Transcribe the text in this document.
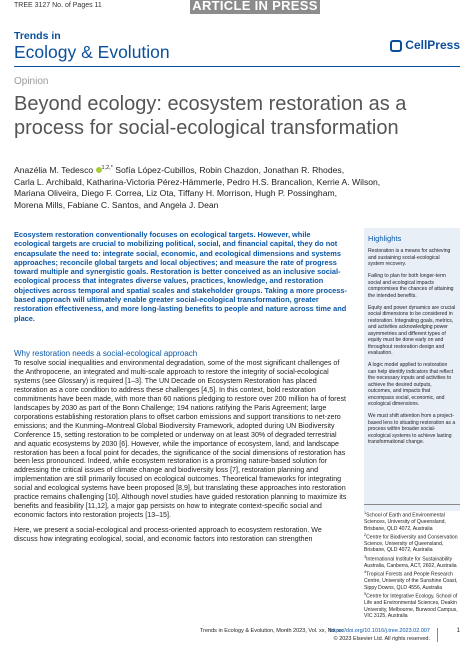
TREE 3127 No. of Pages 11	ARTICLE IN PRESS
Trends in
Ecology & Evolution	CellPress
Opinion
Beyond ecology: ecosystem restoration as a process for social-ecological transformation
Anazélia M. Tedesco $^{1,2,*}$ Sofía López-Cubillos, Robin Chazdon, Jonathan R. Rhodes,
Carla L. Archibald, Katharina-Victoria Pérez-Hämmerle, Pedro H.S. Brancalion, Kerrie A. Wilson,
Mariana Oliveira, Diego F. Correa, Liz Ota, Tiffany H. Morrison, Hugh P. Possingham,
Morena Mills, Fabiane C. Santos, and Angela J. Dean
Ecosystem restoration conventionally focuses on ecological targets. However, while ecological targets are crucial to mobilizing political, social, and financial capital, they do not encapsulate the need to: integrate social, economic, and ecological dimensions and systems approaches; reconcile global targets and local objectives; and measure the rate of progress toward multiple and synergistic goals. Restoration is better conceived as an inclusive social-ecological process that integrates diverse values, practices, knowledge, and restoration objectives across temporal and spatial scales and stakeholder groups. Taking a more process-based approach will ultimately enable greater social-ecological transformation, greater restoration effectiveness, and more long-lasting benefits to people and nature across time and place.
Why restoration needs a social-ecological approach

To resolve social inequalities and environmental degradation, some of the most significant challenges of the Anthropocene, an integrated and multi-scale approach to restore the integrity of social-ecological systems (see Glossary) is required [1–3]. The UN Decade on Ecosystem Restoration has placed restoration as a core condition to address these challenges [4,5]. In this context, bold restoration commitments have been made, with more than 60 nations pledging to restore over 200 million ha of forest landscapes by 2030 as part of the Bonn Challenge; 194 nations ratifying the Paris Agreement; large corporations establishing restoration plans to offset carbon emissions and support transitions to net-zero emissions; and the Kunming–Montreal Global Biodiversity Framework, adopted during UN Biodiversity Conference 15, setting restoration to be completed or underway on at least 30% of degraded terrestrial and aquatic ecosystems by 2030 [6]. However, while the importance of ecosystem, land, and landscape restoration has been a focal point for decades, the significance of the social dimensions of restoration has been less pronounced. Indeed, while ecosystem restoration is a promising nature-based solution for addressing the critical issues of climate change and biodiversity loss [7], restoration planning and implementation are still primarily focused on ecological outcomes. Theoretical frameworks for integrating social and ecological systems have been proposed [8,9], but translating these approaches into restoration practice remains challenging [10]. Although novel studies have guided restoration planning to maximize its benefits and feasibility [11,12], a major gap persists on how to integrate context-specific social and economic factors into restoration projects [13–15].

Here, we present a social-ecological and process-oriented approach to ecosystem restoration. We discuss how integrating ecological, social, and economic factors into restoration can strengthen

Highlights

Restoration is a means for achieving and sustaining social-ecological system recovery.

Failing to plan for both longer-term social and ecological impacts compromises the chances of attaining the intended benefits.

Equity and power dynamics are crucial social dimensions to be considered in restoration. Integrating goals, metrics, and activities acknowledging power asymmetries and different types of equity must be done early on and throughout restoration design and evaluation.

A logic model applied to restoration can help identify indicators that reflect the necessary inputs and activities to achieve the desired outputs, outcomes, and impacts that encompass social, economic, and ecological dimensions.

We must shift attention from a project-based lens to situating restoration as a process within broader social-ecological systems to achieve lasting transformational change.

$^1$School of Earth and Environmental Sciences, University of Queensland, Brisbane, QLD 4072, Australia
$^2$Centre for Biodiversity and Conservation Science, University of Queensland, Brisbane, QLD 4072, Australia
$^3$International Institute for Sustainability Australia, Canberra, ACT, 2602, Australia
$^4$Tropical Forests and People Research Centre, University of the Sunshine Coast, Sippy Downs, QLD 4556, Australia
$^5$Centre for Integrative Ecology, School of Life and Environmental Sciences, Deakin University, Melbourne, Burwood Campus, VIC 3125, Australia
Trends in Ecology & Evolution, Month 2023, Vol. xx, No. xx
https://doi.org/10.1016/j.tree.2023.02.007
© 2023 Elsevier Ltd. All rights reserved.
1
